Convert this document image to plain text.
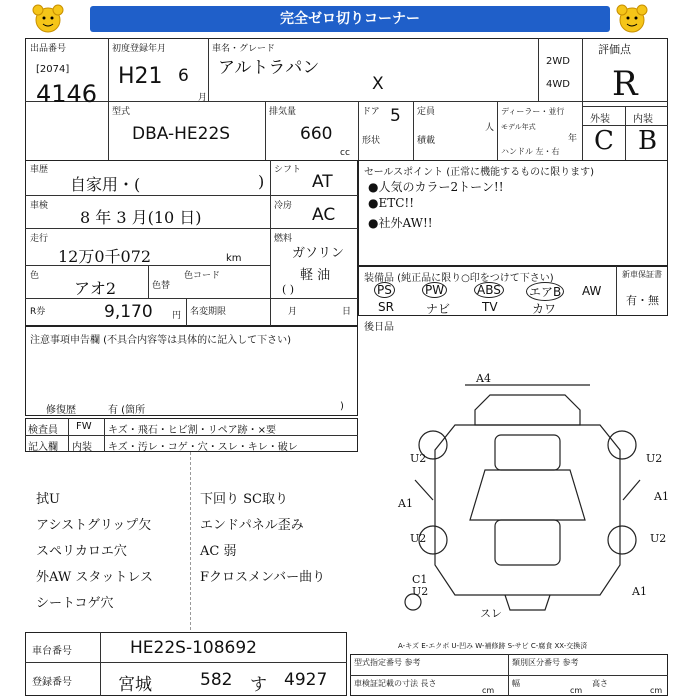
完全ゼロ切りコーナー
出品番号
[2074]
4146
初度登録年月
H21 6
月
車名・グレード
アルトラパン
X
2WD
4WD
評価点
R
外装 内装
C B
型式
DBA-HE22S
排気量
660
cc
ドア 5
形状
定員
人
積載
ディーラー・並行
モデル年式
年
ハンドル 左・右
車歴
自家用・(	)
シフト
AT
車検
8 年 3 月(10 日)
冷房 AC
走行
12万0千072	km
燃料
ガソリン
軽 油
( )
色
アオ2	色替
色コード
R券	9,170 円 名変期限	月	日
セールスポイント (正常に機能するものに限ります)
●人気のカラー2トーン!!
●ETC!!
●社外AW!!
装備品 (純正品に限り○印をつけて下さい)
PS	PW	ABS エアB AW
SR	ナビ	TV	カワ
新車保証書
有・無
後日品
注意事項申告欄 (不具合内容等は具体的に記入して下さい)
修復歴	有 (箇所	)
検査員 FW キズ・飛石・ヒビ割・リペア跡・×要
記入欄 内装 キズ・汚レ・コゲ・穴・スレ・キレ・破レ
拭U
アシストグリップ欠
スペリカロエ穴
外AW スタットレス
シートコゲ穴
下回り SC取り
エンドパネル歪み
AC 弱
Fクロスメンバー曲り
A4
U2	U2
A1
A1
U2	U2
C1
U2
スレ
A1
車台番号	HE22S-108692
登録番号	宮城	582 す 4927
A-キズ E-エクボ U-凹み W-補修跡 S-サビ C-腐食 XX-交換済
型式指定番号 参考	類別区分番号 参考
車検証記載の寸法 長さ
cm
幅
cm
高さ
cm
